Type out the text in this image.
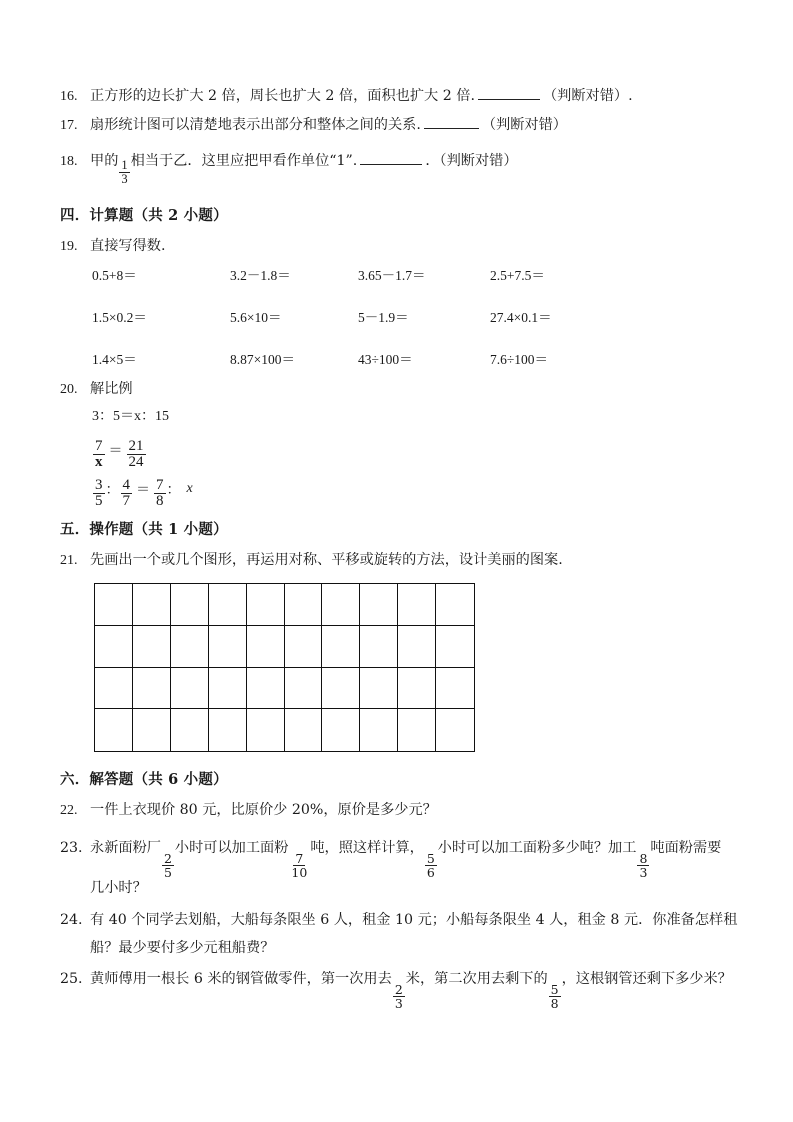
16. 正方形的边长扩大 2 倍，周长也扩大 2 倍，面积也扩大 2 倍.	（判断对错）.
17. 扇形统计图可以清楚地表示出部分和整体之间的关系.	（判断对错）
18. 甲的 $\frac{1}{3}$ 相当于乙．这里应把甲看作单位“1”.	．（判断对错）
四．计算题（共 2 小题）
19. 直接写得数.
0.5+8＝	3.2－1.8＝	3.65－1.7＝	2.5+7.5＝
1.5×0.2＝	5.6×10＝	5－1.9＝	27.4×0.1＝
1.4×5＝	8.87×100＝	43÷100＝	7.6÷100＝
20. 解比例
3：5＝x：15
$\frac{7}{x} = \frac{21}{24}$
$\frac{3}{5}$ ： $\frac{4}{7} = \frac{7}{8}$ ： x
五．操作题（共 1 小题）
21. 先画出一个或几个图形，再运用对称、平移或旋转的方法，设计美丽的图案.
六．解答题（共 6 小题）
22. 一件上衣现价 80 元，比原价少 20%，原价是多少元？
23. 永新面粉厂
$\frac{2}{5}$
小时可以加工面粉
$\frac{7}{10}$
吨，照这样计算，
$\frac{5}{6}$
小时可以加工面粉多少吨？加工
$\frac{8}{3}$
吨面粉需要
几小时？
24. 有 40 个同学去划船，大船每条限坐 6 人，租金 10 元；小船每条限坐 4 人，租金 8 元．你准备怎样租
船？最少要付多少元租船费？
25. 黄师傅用一根长 6 米的钢管做零件，第一次用去
$\frac{2}{3}$
米，第二次用去剩下的
$\frac{5}{8}$
，这根钢管还剩下多少米？
